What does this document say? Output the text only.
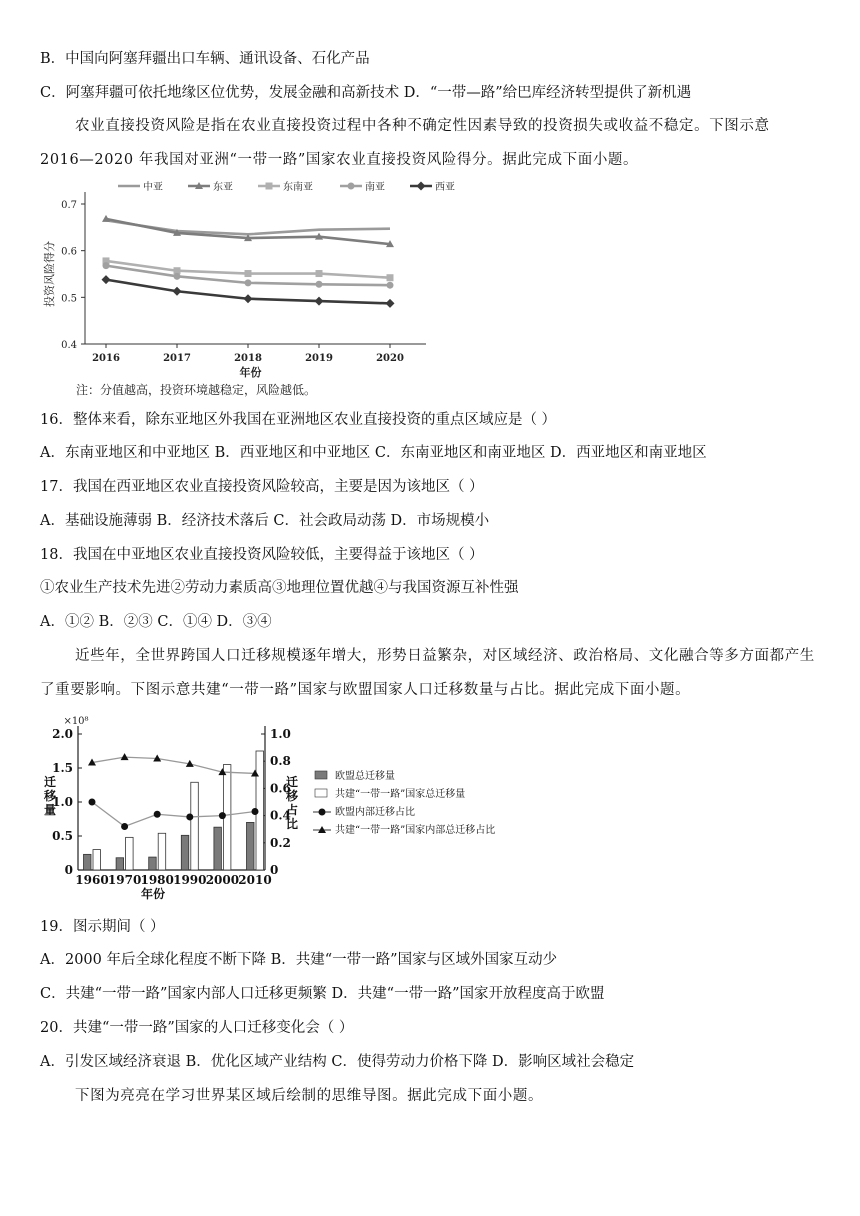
B．中国向阿塞拜疆出口车辆、通讯设备、石化产品
C．阿塞拜疆可依托地缘区位优势，发展金融和高新技术 D．“一带—路”给巴库经济转型提供了新机遇
农业直接投资风险是指在农业直接投资过程中各种不确定性因素导致的投资损失或收益不稳定。下图示意
2016—2020 年我国对亚洲“一带一路”国家农业直接投资风险得分。据此完成下面小题。
16．整体来看，除东亚地区外我国在亚洲地区农业直接投资的重点区域应是（ ）
A．东南亚地区和中亚地区 B．西亚地区和中亚地区 C．东南亚地区和南亚地区 D．西亚地区和南亚地区
17．我国在西亚地区农业直接投资风险较高，主要是因为该地区（ ）
A．基础设施薄弱 B．经济技术落后 C．社会政局动荡 D．市场规模小
18．我国在中亚地区农业直接投资风险较低，主要得益于该地区（ ）
①农业生产技术先进②劳动力素质高③地理位置优越④与我国资源互补性强
A．①② B．②③ C．①④ D．③④
近些年，全世界跨国人口迁移规模逐年增大，形势日益繁杂，对区域经济、政治格局、文化融合等多方面都产生
了重要影响。下图示意共建“一带一路”国家与欧盟国家人口迁移数量与占比。据此完成下面小题。
19．图示期间（ ）
A．2000 年后全球化程度不断下降 B．共建“一带一路”国家与区域外国家互动少
C．共建“一带一路”国家内部人口迁移更频繁 D．共建“一带一路”国家开放程度高于欧盟
20．共建“一带一路”国家的人口迁移变化会（ ）
A．引发区域经济衰退 B．优化区域产业结构 C．使得劳动力价格下降 D．影响区域社会稳定
下图为亮亮在学习世界某区域后绘制的思维导图。据此完成下面小题。
0.4
0.5
0.6
0.7
2016	2017	2018	2019	2020
投资风险得分
年份
中亚	东亚	东南亚	南亚	西亚
注：分值越高，投资环境越稳定，风险越低。
×10⁸
0
0.5
1.0
1.5
2.0
0
0.2
0.4
0.6
0.8
1.0
迁
移
量
迁
移
占
比
1960 1970 1980 1990 2000 2010
年份
欧盟总迁移量
共建“一带一路”国家总迁移量
欧盟内部迁移占比
共建“一带一路”国家内部总迁移占比
